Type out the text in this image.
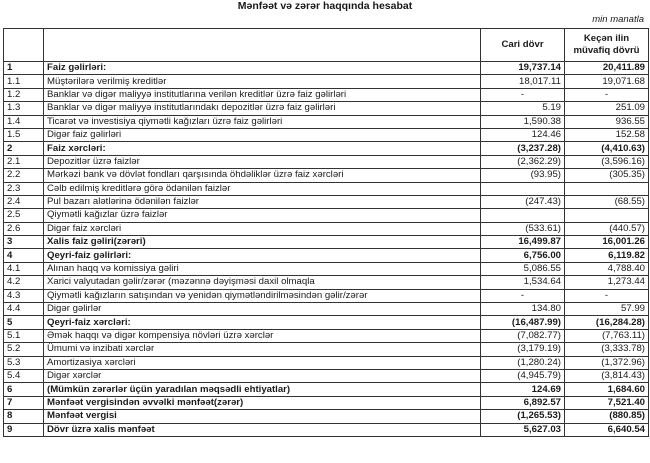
Mənfəət və zərər haqqında hesabat
min manatla
		Cari dövr	Keçən ilin müvafiq dövrü
1	Faiz gəlirləri:	19,737.14	20,411.89
1.1	Müştərilərə verilmiş kreditlər	18,017.11	19,071.68
1.2	Banklar və digər maliyyə institutlarına verilən kreditlər üzrə faiz gəlirləri	-	-
1.3	Banklar və digər maliyyə institutlarındakı depozitlər üzrə faiz gəlirləri	5.19	251.09
1.4	Ticarət və investisiya qiymətli kağızları üzrə faiz gəlirləri	1,590.38	936.55
1.5	Digər faiz gəlirləri	124.46	152.58
2	Faiz xərcləri:	(3,237.28)	(4,410.63)
2.1	Depozitlər üzrə faizlər	(2,362.29)	(3,596.16)
2.2	Mərkəzi bank və dövlət fondları qarşısında öhdəliklər üzrə faiz xərcləri	(93.95)	(305.35)
2.3	Cəlb edilmiş kreditlərə görə ödənilən faizlər		
2.4	Pul bazarı alətlərinə ödənilən faizlər	(247.43)	(68.55)
2.5	Qiymətli kağızlar üzrə faizlər		
2.6	Digər faiz xərcləri	(533.61)	(440.57)
3	Xalis faiz gəliri(zərəri)	16,499.87	16,001.26
4	Qeyri-faiz gəlirləri:	6,756.00	6,119.82
4.1	Alınan haqq və komissiya gəliri	5,086.55	4,788.40
4.2	Xarici valyutadan gəlir/zərər (məzənnə dəyişməsi daxil olmaqla	1,534.64	1,273.44
4.3	Qiymətli kağızların satışından və yenidən qiymətləndirilməsindən gəlir/zərər	-	-
4.4	Digər gəlirlər	134.80	57.99
5	Qeyri-faiz xərcləri:	(16,487.99)	(16,284.28)
5.1	Əmək haqqı və digər kompensiya növləri üzrə xərclər	(7,082.77)	(7,763.11)
5.2	Ümumi və inzibati xərclər	(3,179.19)	(3,333.78)
5.3	Amortizasiya xərcləri	(1,280.24)	(1,372.96)
5.4	Digər xərclər	(4,945.79)	(3,814.43)
6	(Mümkün zərərlər üçün yaradılan məqsədli ehtiyatlar)	124.69	1,684.60
7	Mənfəət vergisindən əvvəlki mənfəət(zərər)	6,892.57	7,521.40
8	Mənfəət vergisi	(1,265.53)	(880.85)
9	Dövr üzrə xalis mənfəət	5,627.03	6,640.54
